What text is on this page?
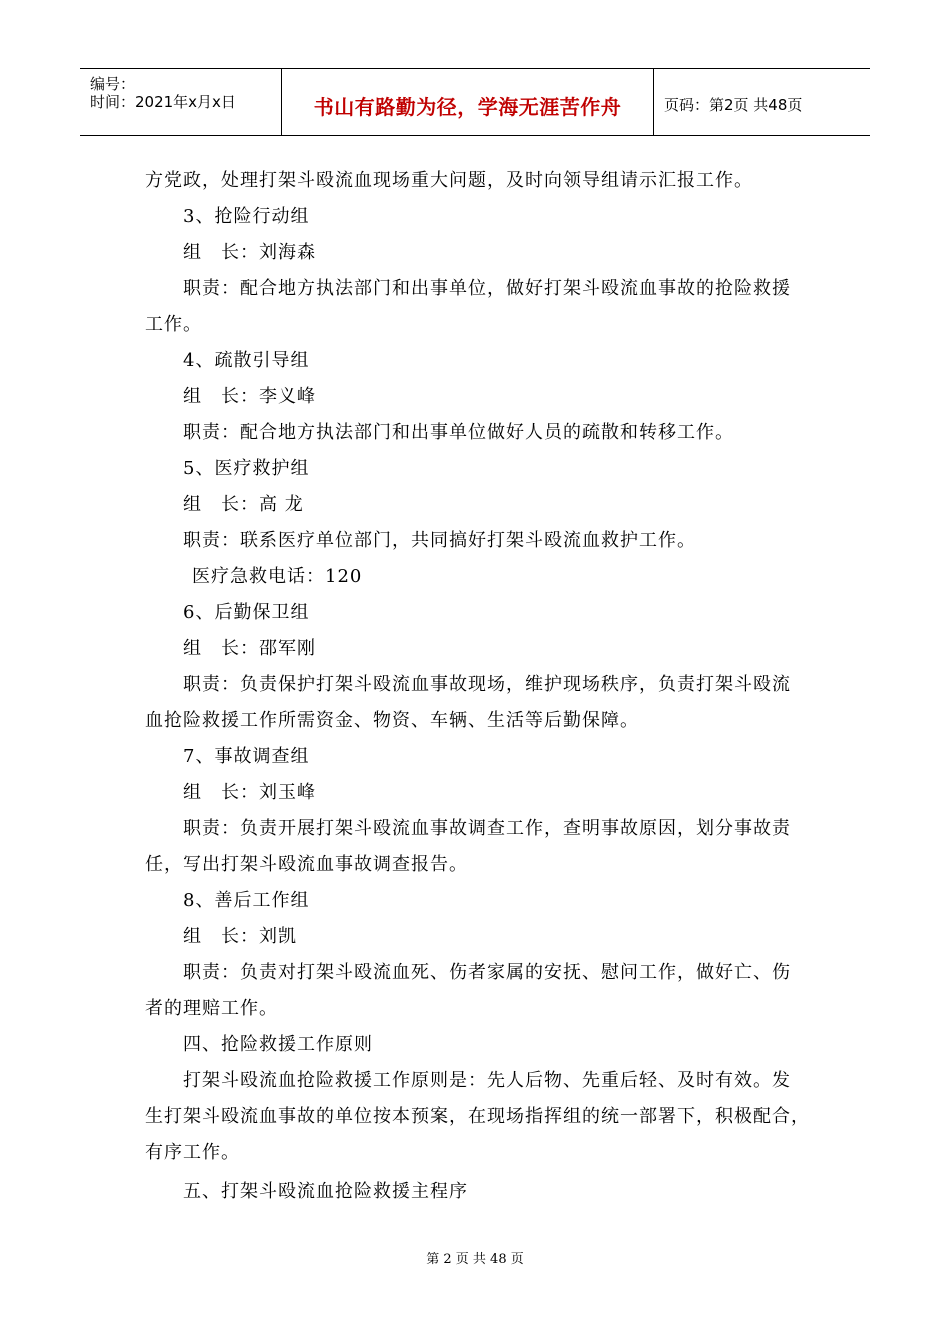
编号：
时间：2021年x月x日	书山有路勤为径，学海无涯苦作舟	页码：第2页 共48页
方党政，处理打架斗殴流血现场重大问题，及时向领导组请示汇报工作。
3、抢险行动组
组　长：刘海森
职责：配合地方执法部门和出事单位，做好打架斗殴流血事故的抢险救援
工作。
4、疏散引导组
组　长：李义峰
职责：配合地方执法部门和出事单位做好人员的疏散和转移工作。
5、医疗救护组
组　长：高 龙
职责：联系医疗单位部门，共同搞好打架斗殴流血救护工作。
医疗急救电话：120
6、后勤保卫组
组　长：邵军刚
职责：负责保护打架斗殴流血事故现场，维护现场秩序，负责打架斗殴流
血抢险救援工作所需资金、物资、车辆、生活等后勤保障。
7、事故调查组
组　长：刘玉峰
职责：负责开展打架斗殴流血事故调查工作，查明事故原因，划分事故责
任，写出打架斗殴流血事故调查报告。
8、善后工作组
组　长：刘凯
职责：负责对打架斗殴流血死、伤者家属的安抚、慰问工作，做好亡、伤
者的理赔工作。
四、抢险救援工作原则
打架斗殴流血抢险救援工作原则是：先人后物、先重后轻、及时有效。发
生打架斗殴流血事故的单位按本预案，在现场指挥组的统一部署下，积极配合，
有序工作。
五、打架斗殴流血抢险救援主程序
第 2 页 共 48 页
